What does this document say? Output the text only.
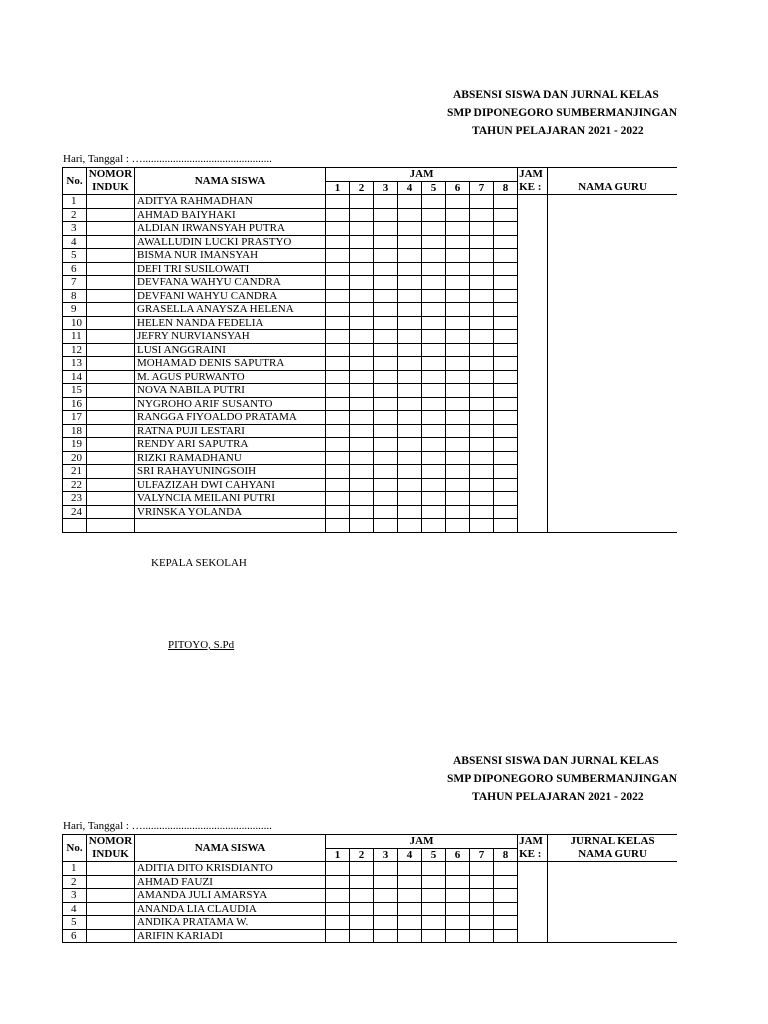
ABSENSI SISWA DAN JURNAL KELAS
SMP DIPONEGORO SUMBERMANJINGAN
TAHUN PELAJARAN 2021 - 2022
Hari, Tanggal : …...............................................
No.	NOMOR	NAMA SISWA	JAM								JAM	
	INDUK		1	2	3	4	5	6	7	8	KE :	NAMA GURU
1		ADITYA RAHMADHAN										
2		AHMAD BAIYHAKI										
3		ALDIAN IRWANSYAH PUTRA										
4		AWALLUDIN LUCKI PRASTYO										
5		BISMA NUR IMANSYAH										
6		DEFI TRI SUSILOWATI										
7		DEVFANA WAHYU CANDRA										
8		DEVFANI WAHYU CANDRA										
9		GRASELLA ANAYSZA HELENA										
10		HELEN NANDA FEDELIA										
11		JEFRY NURVIANSYAH										
12		LUSI ANGGRAINI										
13		MOHAMAD DENIS SAPUTRA										
14		M. AGUS PURWANTO										
15		NOVA NABILA PUTRI										
16		NYGROHO ARIF SUSANTO										
17		RANGGA FIYOALDO PRATAMA										
18		RATNA PUJI LESTARI										
19		RENDY ARI SAPUTRA										
20		RIZKI RAMADHANU										
21		SRI RAHAYUNINGSOIH										
22		ULFAZIZAH DWI CAHYANI										
23		VALYNCIA MEILANI PUTRI										
24		VRINSKA YOLANDA										

KEPALA SEKOLAH
PITOYO, S.Pd
ABSENSI SISWA DAN JURNAL KELAS
SMP DIPONEGORO SUMBERMANJINGAN
TAHUN PELAJARAN 2021 - 2022
Hari, Tanggal : …...............................................
No.	NOMOR	NAMA SISWA	JAM								JAM	JURNAL KELAS
	INDUK		1	2	3	4	5	6	7	8	KE :	NAMA GURU
1		ADITIA DITO KRISDIANTO										
2		AHMAD FAUZI										
3		AMANDA JULI AMARSYA										
4		ANANDA LIA CLAUDIA										
5		ANDIKA PRATAMA W.										
6		ARIFIN KARIADI										
